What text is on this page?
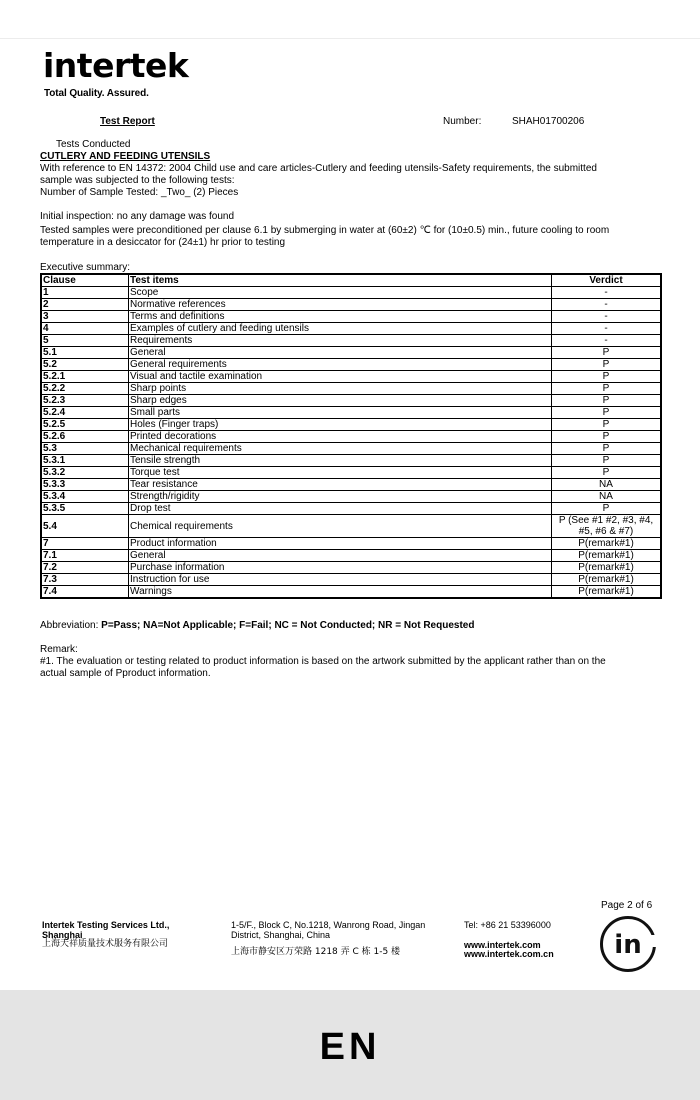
intertek
Total Quality. Assured.
Test Report	Number:	SHAH01700206
Tests Conducted
CUTLERY AND FEEDING UTENSILS
With reference to EN 14372: 2004 Child use and care articles-Cutlery and feeding utensils-Safety requirements, the submitted
sample was subjected to the following tests:
Number of Sample Tested: _Two_ (2) Pieces
Initial inspection: no any damage was found
Tested samples were preconditioned per clause 6.1 by submerging in water at (60±2) ℃ for (10±0.5) min., future cooling to room
temperature in a desiccator for (24±1) hr prior to testing
Executive summary:
Clause	Test items	Verdict
1	Scope	-
2	Normative references	-
3	Terms and definitions	-
4	Examples of cutlery and feeding utensils	-
5	Requirements	-
5.1	General	P
5.2	General requirements	P
5.2.1	Visual and tactile examination	P
5.2.2	Sharp points	P
5.2.3	Sharp edges	P
5.2.4	Small parts	P
5.2.5	Holes (Finger traps)	P
5.2.6	Printed decorations	P
5.3	Mechanical requirements	P
5.3.1	Tensile strength	P
5.3.2	Torque test	P
5.3.3	Tear resistance	NA
5.3.4	Strength/rigidity	NA
5.3.5	Drop test	P
5.4	Chemical requirements	P (See #1 #2, #3, #4, #5, #6 & #7)
7	Product information	P(remark#1)
7.1	General	P(remark#1)
7.2	Purchase information	P(remark#1)
7.3	Instruction for use	P(remark#1)
7.4	Warnings	P(remark#1)
Abbreviation: P=Pass; NA=Not Applicable; F=Fail; NC = Not Conducted; NR = Not Requested
Remark:
#1. The evaluation or testing related to product information is based on the artwork submitted by the applicant rather than on the
actual sample of Pproduct information.
Page 2 of 6
Intertek Testing Services Ltd.,
Shanghai
上海天祥质量技术服务有限公司
1-5/F., Block C, No.1218, Wanrong Road, Jingan
District, Shanghai, China
上海市静安区万荣路 1218 弄 C 栋 1-5 楼
Tel: +86 21 53396000
www.intertek.com
www.intertek.com.cn in
EN
